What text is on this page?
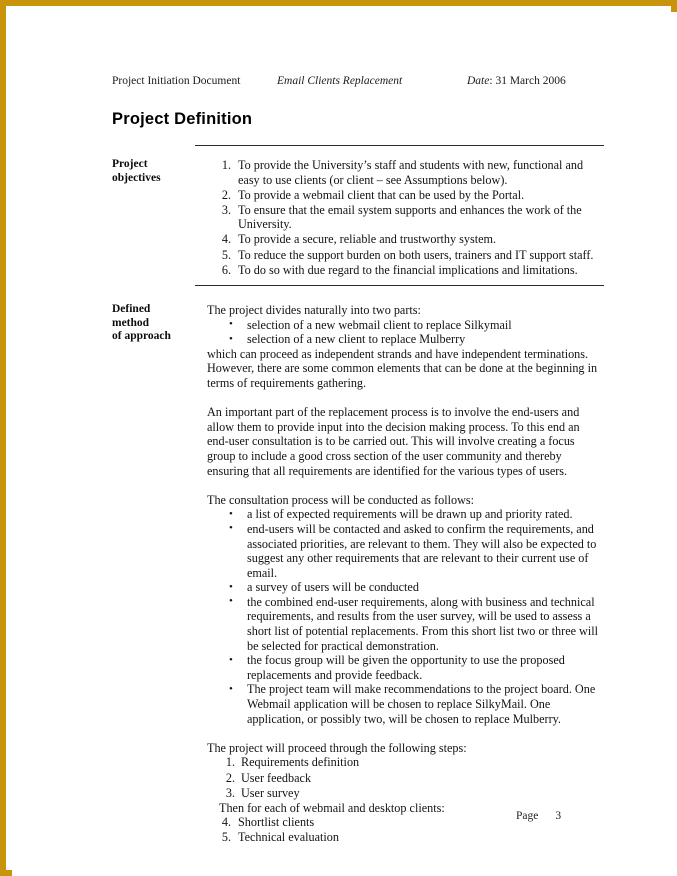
Project Initiation Document	Email Clients Replacement	Date: 31 March 2006
Project Definition
Project
objectives
1. To provide the University’s staff and students with new, functional and easy to use clients (or client – see Assumptions below).
2. To provide a webmail client that can be used by the Portal.
3. To ensure that the email system supports and enhances the work of the University.
4. To provide a secure, reliable and trustworthy system.
5. To reduce the support burden on both users, trainers and IT support staff.
6. To do so with due regard to the financial implications and limitations.
Defined method
of approach

The project divides naturally into two parts:

• selection of a new webmail client to replace Silkymail
• selection of a new client to replace Mulberry

which can proceed as independent strands and have independent terminations. However, there are some common elements that can be done at the beginning in terms of requirements gathering.

An important part of the replacement process is to involve the end-users and allow them to provide input into the decision making process. To this end an end-user consultation is to be carried out. This will involve creating a focus group to include a good cross section of the user community and thereby ensuring that all requirements are identified for the various types of users.

The consultation process will be conducted as follows:

• a list of expected requirements will be drawn up and priority rated.
• end-users will be contacted and asked to confirm the requirements, and associated priorities, are relevant to them. They will also be expected to suggest any other requirements that are relevant to their current use of email.
• a survey of users will be conducted
• the combined end-user requirements, along with business and technical requirements, and results from the user survey, will be used to assess a short list of potential replacements. From this short list two or three will be selected for practical demonstration.
• the focus group will be given the opportunity to use the proposed replacements and provide feedback.
• The project team will make recommendations to the project board. One Webmail application will be chosen to replace SilkyMail. One application, or possibly two, will be chosen to replace Mulberry.

The project will proceed through the following steps:

1. Requirements definition
2. User feedback
3. User survey

Then for each of webmail and desktop clients:

4. Shortlist clients
5. Technical evaluation
Page 3
